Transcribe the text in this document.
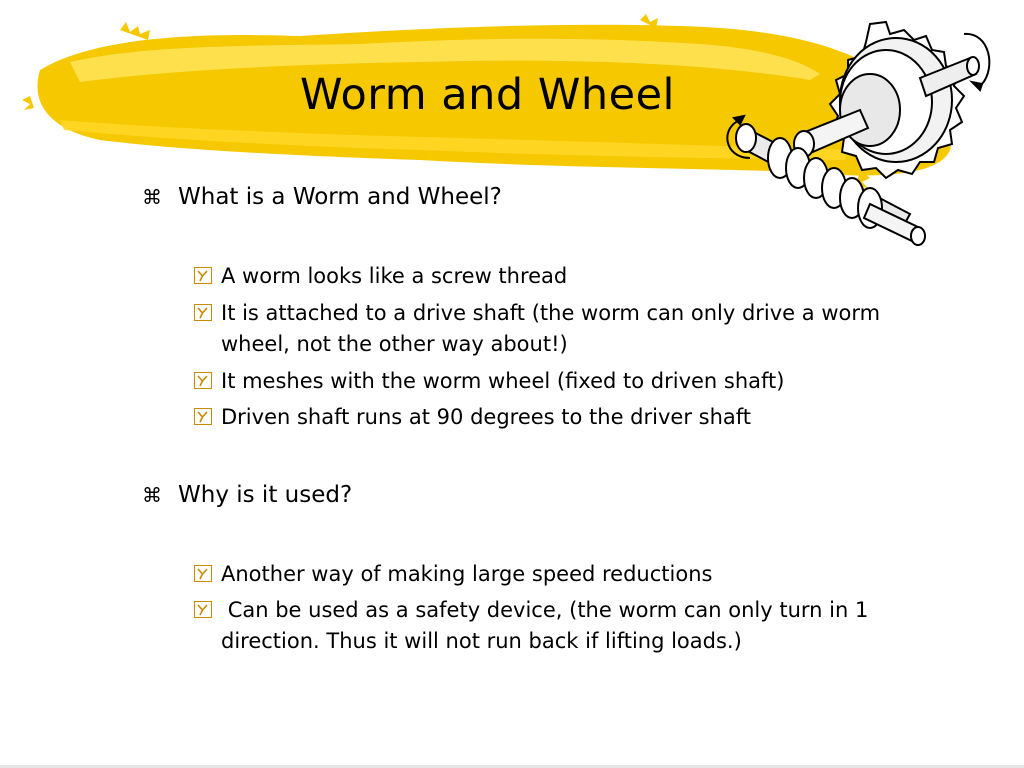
Worm and Wheel
⌘ What is a Worm and Wheel?
A worm looks like a screw thread
It is attached to a drive shaft (the worm can only drive a worm wheel, not the other way about!)
It meshes with the worm wheel (fixed to driven shaft)
Driven shaft runs at 90 degrees to the driver shaft
⌘ Why is it used?
Another way of making large speed reductions

Can be used as a safety device, (the worm can only turn in 1 direction. Thus it will not run back if lifting loads.)
